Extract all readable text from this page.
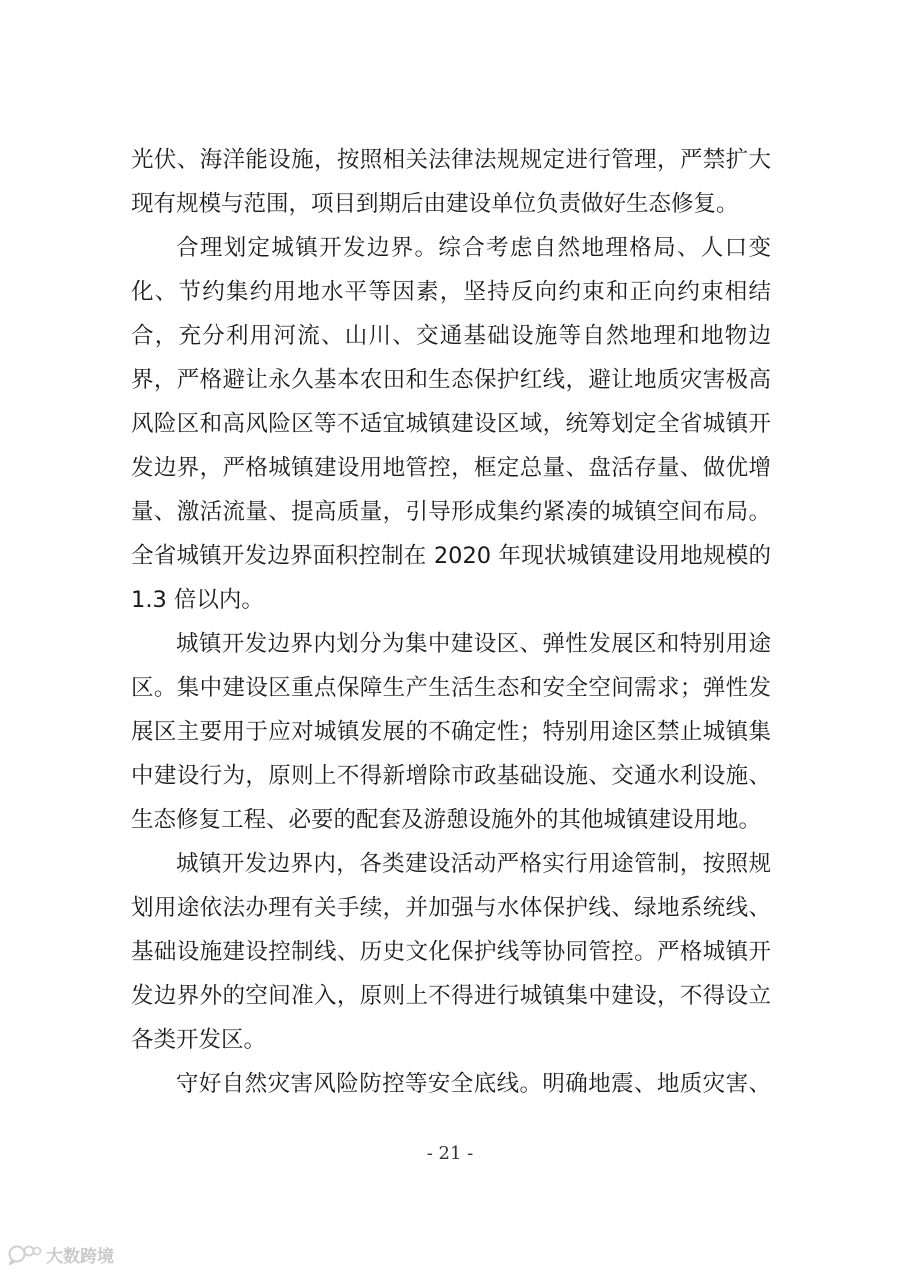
光伏、海洋能设施，按照相关法律法规规定进行管理，严禁扩大
现有规模与范围，项目到期后由建设单位负责做好生态修复。
合理划定城镇开发边界。综合考虑自然地理格局、人口变
化、节约集约用地水平等因素，坚持反向约束和正向约束相结
合，充分利用河流、山川、交通基础设施等自然地理和地物边
界，严格避让永久基本农田和生态保护红线，避让地质灾害极高
风险区和高风险区等不适宜城镇建设区域，统筹划定全省城镇开
发边界，严格城镇建设用地管控，框定总量、盘活存量、做优增
量、激活流量、提高质量，引导形成集约紧凑的城镇空间布局。
全省城镇开发边界面积控制在 2020 年现状城镇建设用地规模的
1.3 倍以内。
城镇开发边界内划分为集中建设区、弹性发展区和特别用途
区。集中建设区重点保障生产生活生态和安全空间需求；弹性发
展区主要用于应对城镇发展的不确定性；特别用途区禁止城镇集
中建设行为，原则上不得新增除市政基础设施、交通水利设施、
生态修复工程、必要的配套及游憩设施外的其他城镇建设用地。
城镇开发边界内，各类建设活动严格实行用途管制，按照规
划用途依法办理有关手续，并加强与水体保护线、绿地系统线、
基础设施建设控制线、历史文化保护线等协同管控。严格城镇开
发边界外的空间准入，原则上不得进行城镇集中建设，不得设立
各类开发区。
守好自然灾害风险防控等安全底线。明确地震、地质灾害、
- 21 -
大数跨境
